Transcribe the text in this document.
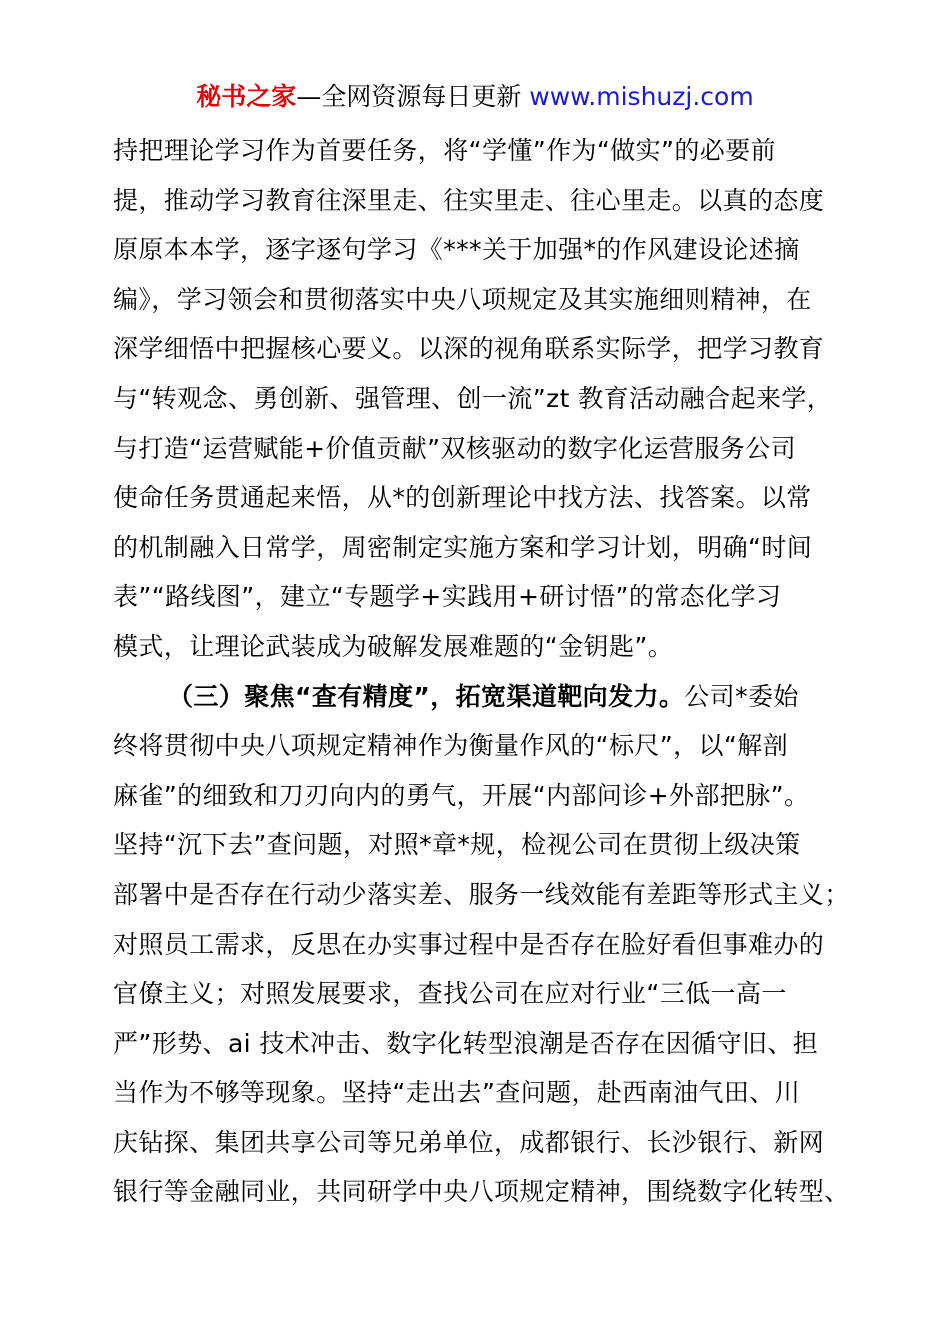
秘书之家—全网资源每日更新 www.mishuzj.com
持把理论学习作为首要任务，将“学懂”作为“做实”的必要前
提，推动学习教育往深里走、往实里走、往心里走。以真的态度
原原本本学，逐字逐句学习《***关于加强*的作风建设论述摘
编》，学习领会和贯彻落实中央八项规定及其实施细则精神，在
深学细悟中把握核心要义。以深的视角联系实际学，把学习教育
与“转观念、勇创新、强管理、创一流”zt 教育活动融合起来学，
与打造“运营赋能+价值贡献”双核驱动的数字化运营服务公司
使命任务贯通起来悟，从*的创新理论中找方法、找答案。以常
的机制融入日常学，周密制定实施方案和学习计划，明确“时间
表”“路线图”，建立“专题学+实践用+研讨悟”的常态化学习
模式，让理论武装成为破解发展难题的“金钥匙”。
（三）聚焦“查有精度”，拓宽渠道靶向发力。公司*委始
终将贯彻中央八项规定精神作为衡量作风的“标尺”，以“解剖
麻雀”的细致和刀刃向内的勇气，开展“内部问诊+外部把脉”。
坚持“沉下去”查问题，对照*章*规，检视公司在贯彻上级决策
部署中是否存在行动少落实差、服务一线效能有差距等形式主义；
对照员工需求，反思在办实事过程中是否存在脸好看但事难办的
官僚主义；对照发展要求，查找公司在应对行业“三低一高一
严”形势、ai 技术冲击、数字化转型浪潮是否存在因循守旧、担
当作为不够等现象。坚持“走出去”查问题，赴西南油气田、川
庆钻探、集团共享公司等兄弟单位，成都银行、长沙银行、新网
银行等金融同业，共同研学中央八项规定精神，围绕数字化转型、
